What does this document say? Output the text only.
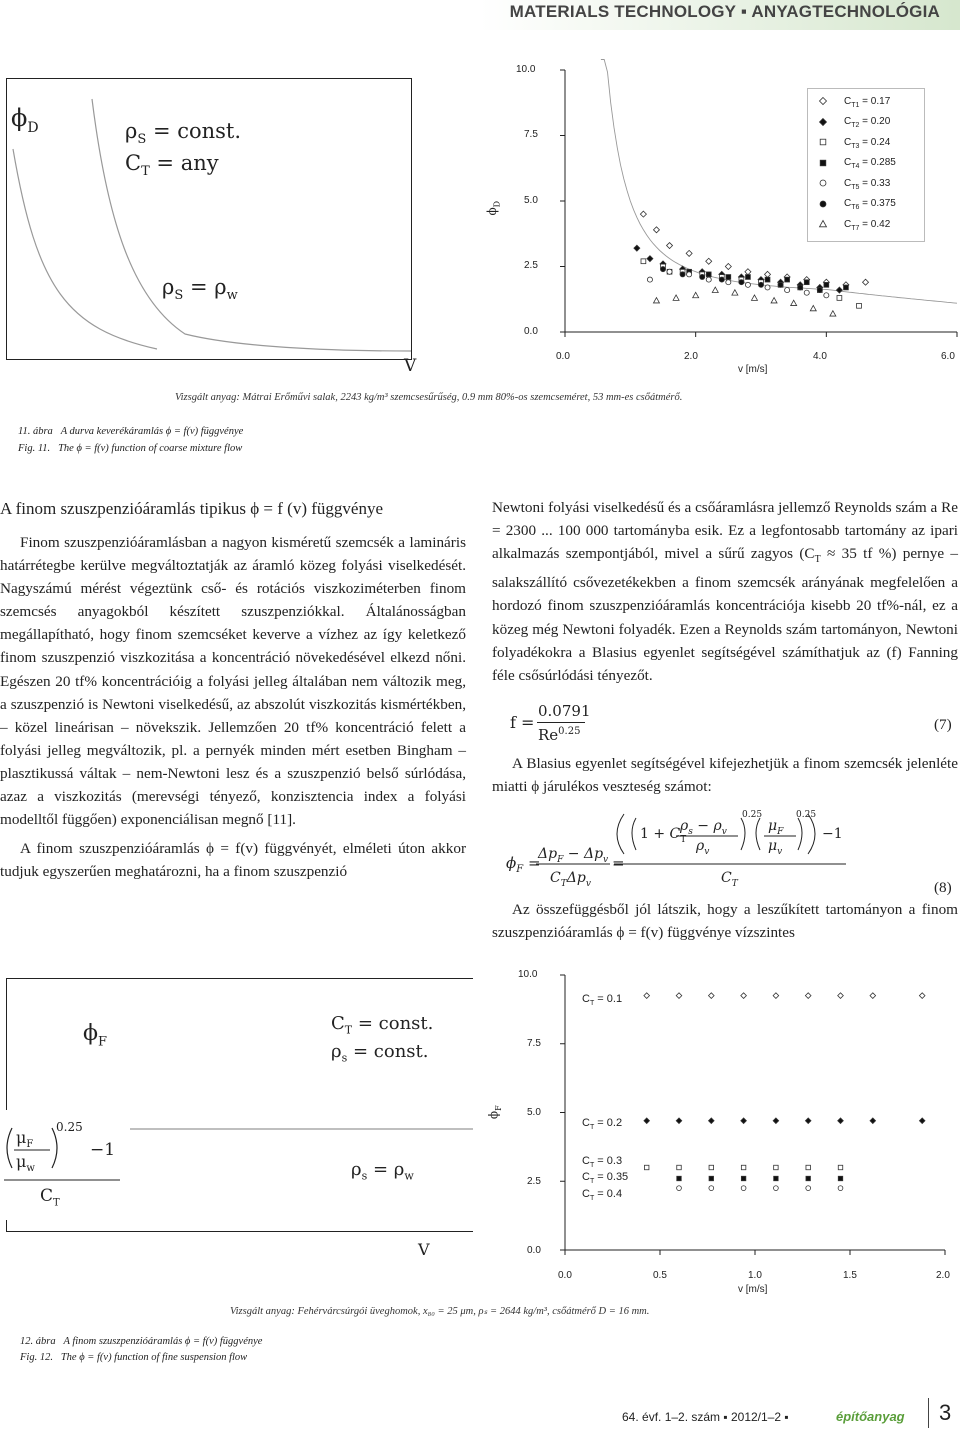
MATERIALS TECHNOLOGY ▪ ANYAGTECHNOLÓGIA
$\phi_D$	$\rho_S$ = const.
$C_T$ = any
$\rho_S = \rho_w$
V
$C_{T1} = 0.17$
$C_{T2} = 0.20$
$C_{T3} = 0.24$
$C_{T4} = 0.285$
$C_{T5} = 0.33$
$C_{T6} = 0.375$
$C_{T7} = 0.42$
10.0
7.5
5.0
2.5
0.0
0.0	2.0	4.0	6.0
v [m/s]
$\phi_D$
Vizsgált anyag: Mátrai Erőművi salak, 2243 kg/m³ szemcsesűrűség, 0.9 mm 80%-os szemcseméret, 53 mm-es csőátmérő.
11. ábra A durva keverékáramlás ϕ = f(v) függvénye
Fig. 11. The ϕ = f(v) function of coarse mixture flow
A finom szuszpenzióáramlás tipikus ϕ = f (v) függvénye

Finom szuszpenzióáramlásban a nagyon kisméretű szemcsék a lamináris határrétegbe kerülve megváltoztatják az áramló közeg folyási viselkedését. Nagyszámú mérést végeztünk cső- és rotációs viszkoziméterben finom szemcsés anyagokból készített szuszpenziókkal. Általánosságban megállapítható, hogy finom szemcséket keverve a vízhez az így keletkező finom szuszpenzió viszkozitása a koncentráció növekedésével elkezd nőni. Egészen 20 tf% koncentrációig a folyási jelleg általában nem változik meg, a szuszpenzió is Newtoni viselkedésű, az abszolút viszkozitás kismértékben, – közel lineárisan – növekszik. Jellemzően 20 tf% koncentráció felett a folyási jelleg megváltozik, pl. a pernyék minden mért esetben Bingham – plasztikussá váltak – nem-Newtoni lesz és a szuszpenzió belső súrlódása, azaz a viszkozitás (merevségi tényező, konzisztencia index a folyási modelltől függően) exponenciálisan megnő [11].

A finom szuszpenzióáramlás ϕ = f(v) függvényét, elméleti úton akkor tudjuk egyszerűen meghatározni, ha a finom szuszpenzió

Newtoni folyási viselkedésű és a csőáramlásra jellemző Reynolds szám a Re = 2300 ... 100 000 tartományba esik. Ez a legfontosabb tartomány az ipari alkalmazás szempontjából, mivel a sűrű zagyos ($C_T \approx 35$ tf %) pernye – salakszállító csővezetékekben a finom szemcsék arányának megfelelően a hordozó finom szuszpenzióáramlás koncentrációja kisebb 20 tf%-nál, ez a közeg még Newtoni folyadék. Ezen a Reynolds szám tartományon, Newtoni folyadékokra a Blasius egyenlet segítségével számíthatjuk az (f) Fanning féle csősúrlódási tényezőt.

f =
0.0791
$Re^{0.25}$	(7)

A Blasius egyenlet segítségével kifejezhetjük a finom szemcsék jelenléte miatti ϕ járulékos veszteség számot:

$\phi_F$ =
$\Delta p_F - \Delta p_v$
$C_T\Delta p_v$
=
$1 + C_T$
$\rho_s - \rho_v$
$\rho_v$
0.25
$\mu_F$
$\mu_v$
0.25
−1
$C_T$	(8)

Az összefüggésből jól látszik, hogy a leszűkített tartományon a finom szuszpenzióáramlás ϕ = f(v) függvénye vízszintes

$\phi_F$
$C_T$ = const.
$\rho_s$ = const.
$\rho_s = \rho_w$
$\mu_F$
$\mu_w$
0.25
−1
$C_T$
V
10.0
7.5
5.0
2.5
0.0
0.0	0.5	1.0	1.5	2.0
v [m/s]
$\phi_F$
$C_T = 0.1$
$C_T = 0.2$
$C_T = 0.3$
$C_T = 0.35$
$C_T = 0.4$
Vizsgált anyag: Fehérvárcsúrgói üveghomok, x₈₀ = 25 μm, ρₛ = 2644 kg/m³, csőátmérő D = 16 mm.
12. ábra A finom szuszpenzióáramlás ϕ = f(v) függvénye
Fig. 12. The ϕ = f(v) function of fine suspension flow
64. évf. 1–2. szám ▪ 2012/1–2 ▪	építőanyag 3
